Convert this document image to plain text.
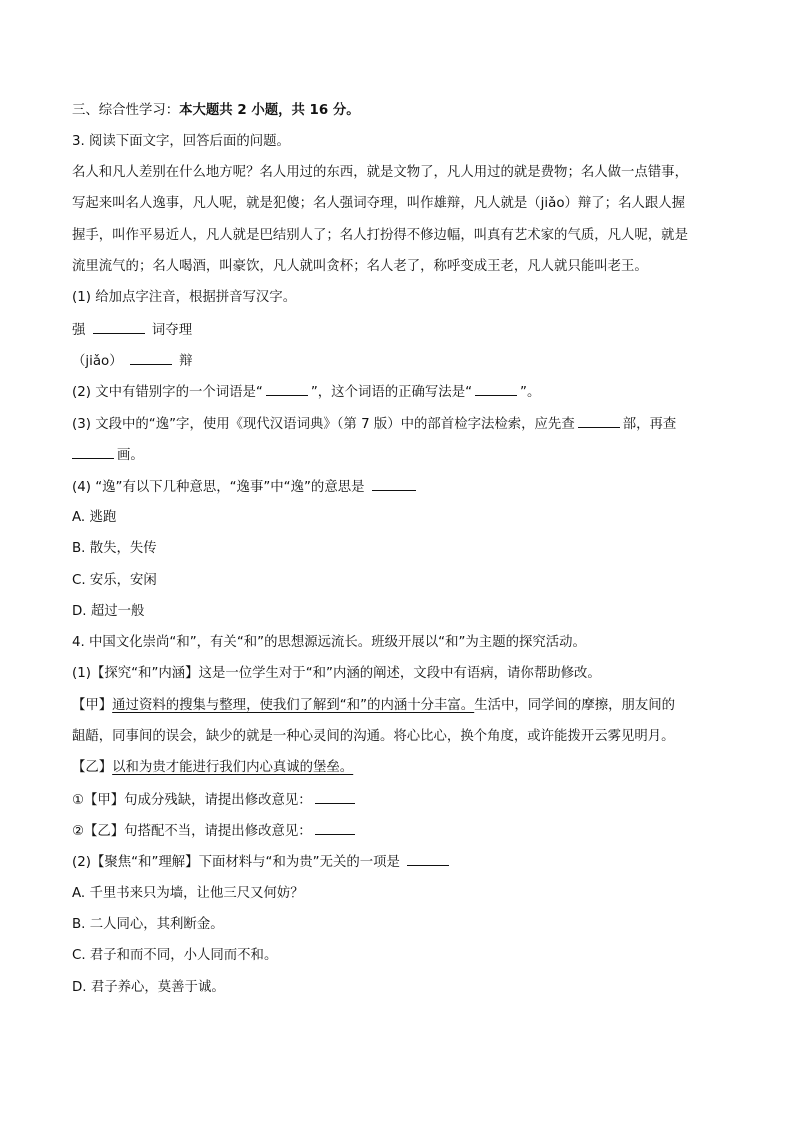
三、综合性学习：本大题共 2 小题，共 16 分。
3. 阅读下面文字，回答后面的问题。
名人和凡人差别在什么地方呢？名人用过的东西，就是文物了，凡人用过的就是费物；名人做一点错事，
写起来叫名人逸事，凡人呢，就是犯傻；名人强词夺理，叫作雄辩，凡人就是（jiǎo）辩了；名人跟人握
握手，叫作平易近人，凡人就是巴结别人了；名人打扮得不修边幅，叫真有艺术家的气质，凡人呢，就是
流里流气的；名人喝酒，叫豪饮，凡人就叫贪杯；名人老了，称呼变成王老，凡人就只能叫老王。
(1) 给加点字注音，根据拼音写汉字。
强	词夺理
（jiǎo）	辩
(2) 文中有错别字的一个词语是“	”，这个词语的正确写法是“	”。
(3) 文段中的“逸”字，使用《现代汉语词典》（第 7 版）中的部首检字法检索，应先查	部，再查
画。
(4) “逸”有以下几种意思，“逸事”中“逸”的意思是
A. 逃跑
B. 散失，失传
C. 安乐，安闲
D. 超过一般
4. 中国文化崇尚“和”，有关“和”的思想源远流长。班级开展以“和”为主题的探究活动。
(1)【探究“和”内涵】这是一位学生对于“和”内涵的阐述，文段中有语病，请你帮助修改。
【甲】通过资料的搜集与整理，使我们了解到“和”的内涵十分丰富。生活中，同学间的摩擦，朋友间的
龃龉，同事间的误会，缺少的就是一种心灵间的沟通。将心比心，换个角度，或许能拨开云雾见明月。
【乙】以和为贵才能进行我们内心真诚的堡垒。
①【甲】句成分残缺，请提出修改意见：
②【乙】句搭配不当，请提出修改意见：
(2)【聚焦“和”理解】下面材料与“和为贵”无关的一项是
A. 千里书来只为墙，让他三尺又何妨？
B. 二人同心，其利断金。
C. 君子和而不同，小人同而不和。
D. 君子养心，莫善于诚。
